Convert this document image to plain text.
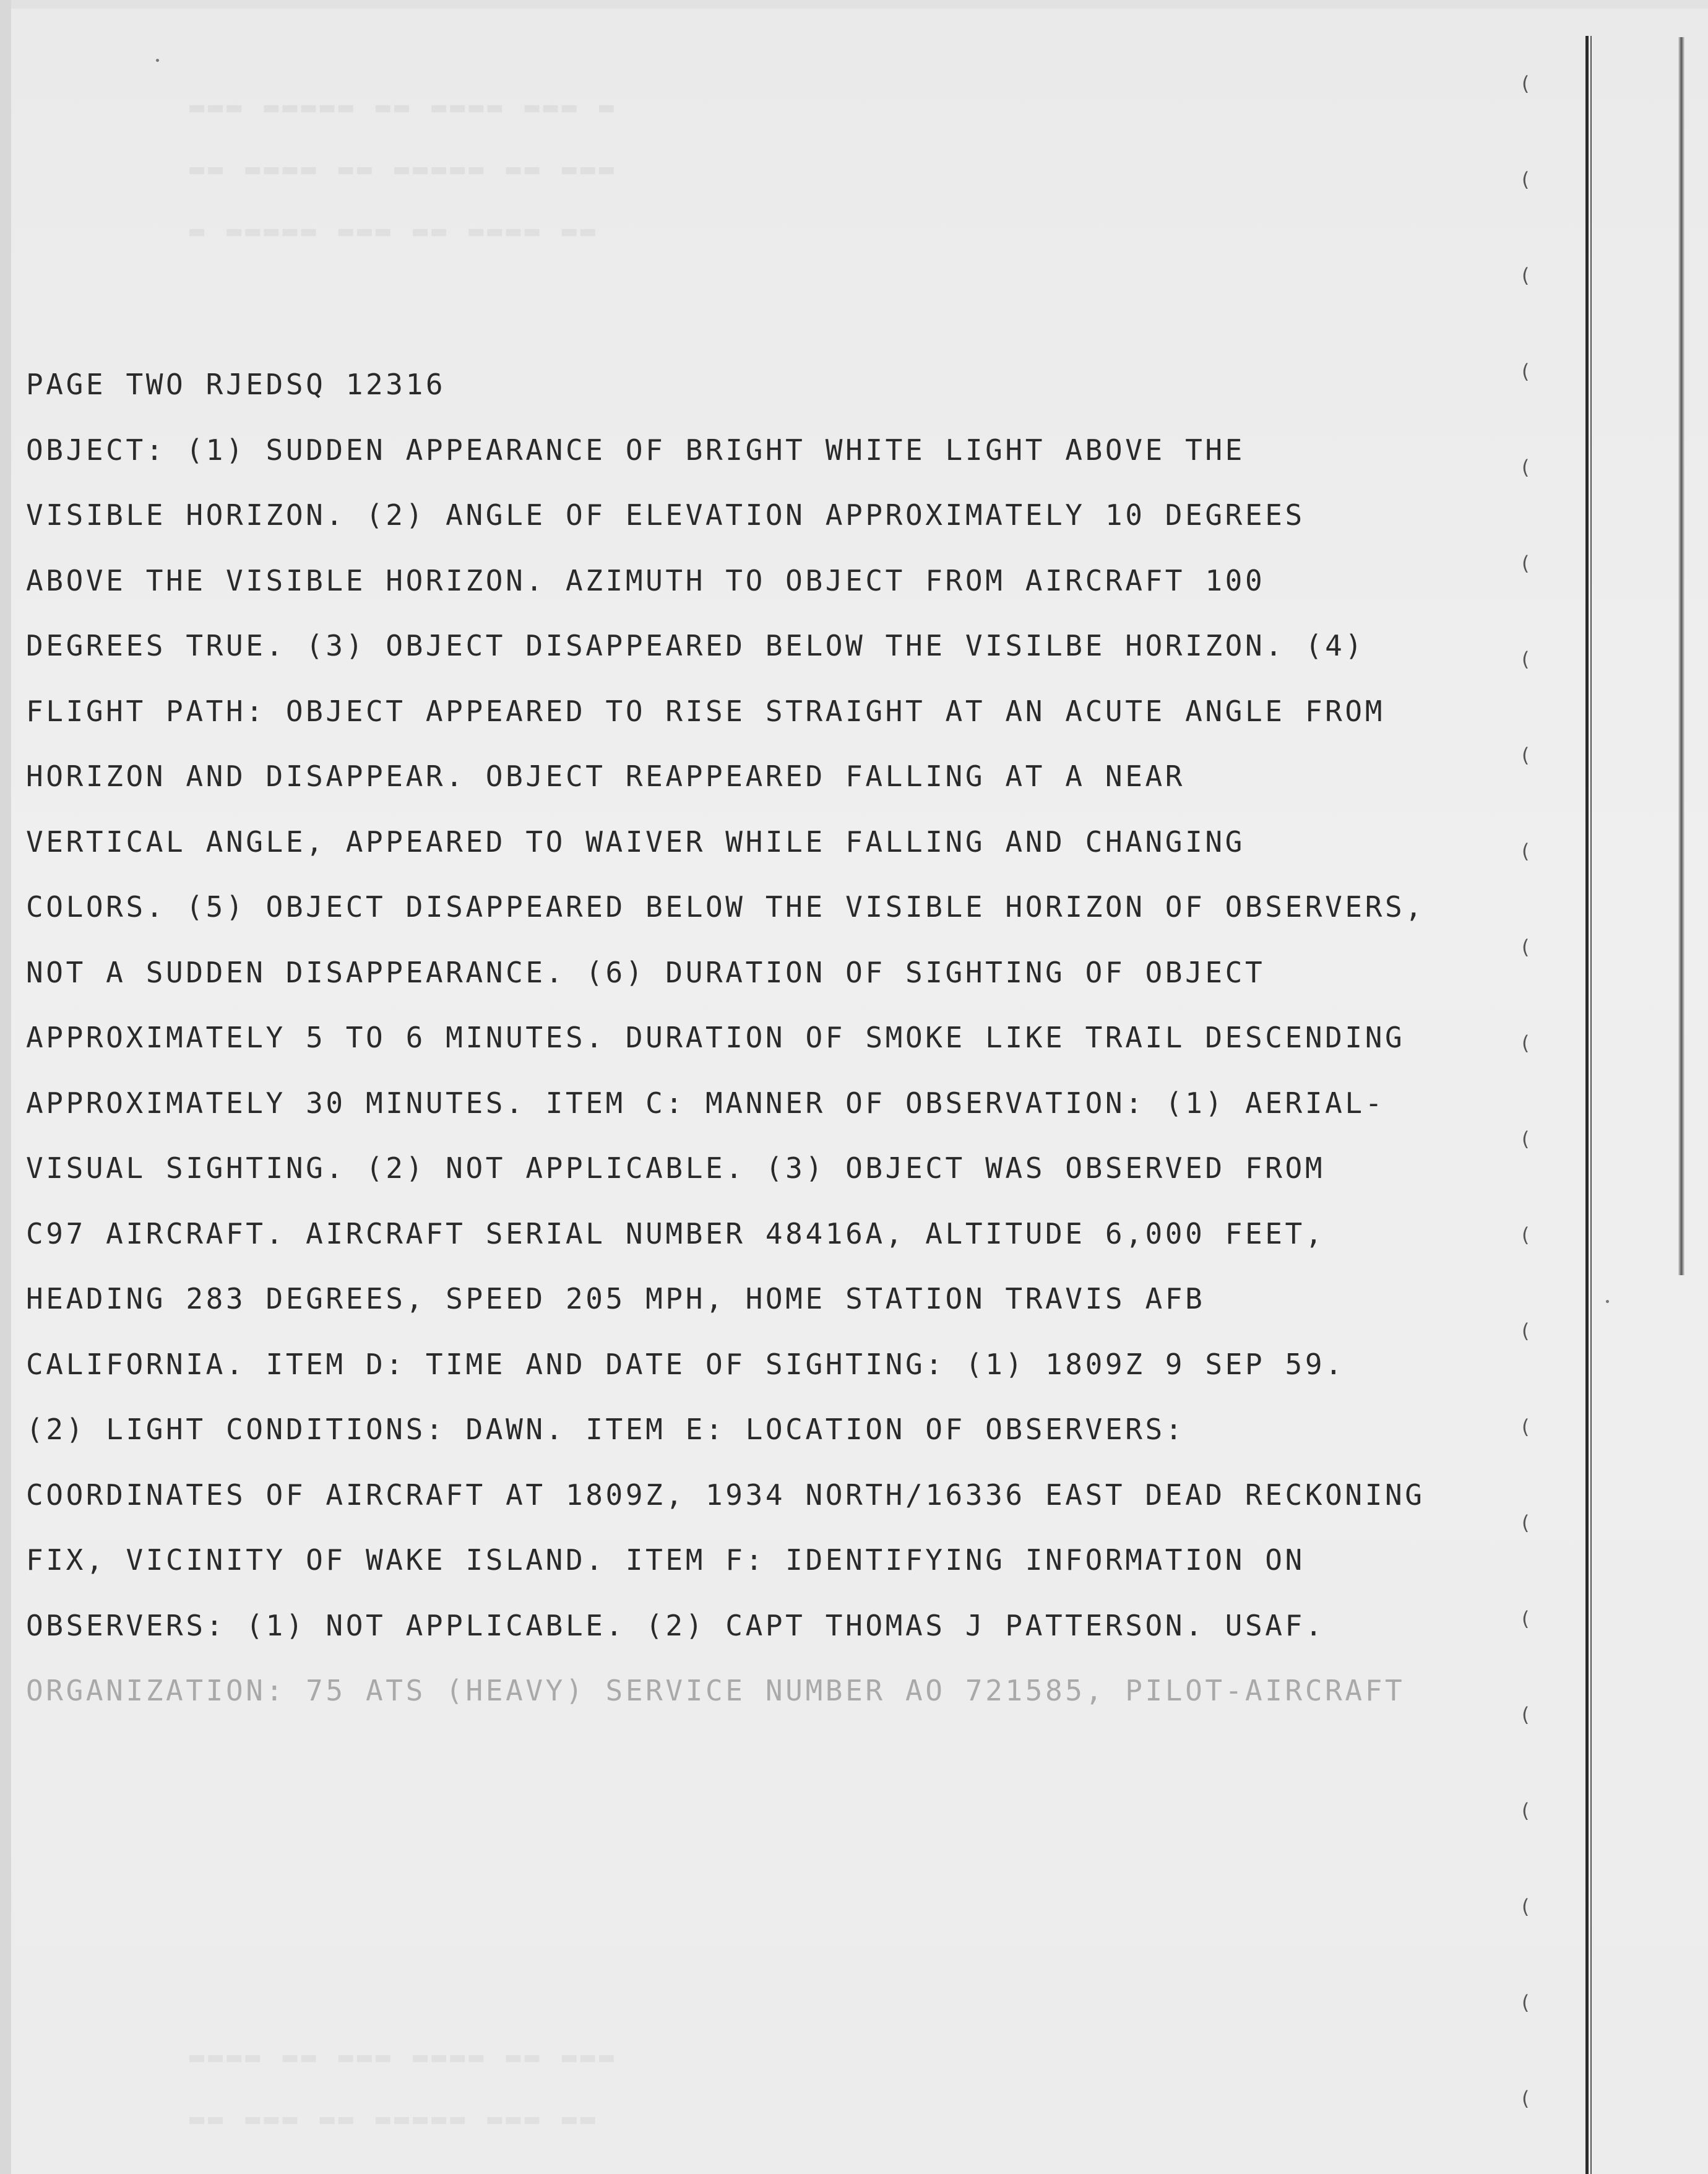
▬ ▬▬▬ ▬▬▬▬ ▬▬ ▬▬▬▬▬ ▬▬▬
▬▬▬ ▬▬ ▬▬▬▬▬ ▬▬ ▬▬▬▬ ▬▬
▬▬ ▬▬▬▬ ▬▬ ▬▬▬ ▬▬▬▬▬ ▬
▬▬▬ ▬▬ ▬▬▬▬ ▬▬▬ ▬▬ ▬▬▬▬
▬▬ ▬▬▬ ▬▬▬▬▬ ▬▬ ▬▬▬ ▬▬
(
(
(
(
(
(
(
(
(
(
(
(
(
(
(
(
(
(
(
(
(
(
PAGE TWO RJEDSQ 12316
OBJECT: (1) SUDDEN APPEARANCE OF BRIGHT WHITE LIGHT ABOVE THE
VISIBLE HORIZON. (2) ANGLE OF ELEVATION APPROXIMATELY 10 DEGREES
ABOVE THE VISIBLE HORIZON. AZIMUTH TO OBJECT FROM AIRCRAFT 100
DEGREES TRUE. (3) OBJECT DISAPPEARED BELOW THE VISILBE HORIZON. (4)
FLIGHT PATH: OBJECT APPEARED TO RISE STRAIGHT AT AN ACUTE ANGLE FROM
HORIZON AND DISAPPEAR. OBJECT REAPPEARED FALLING AT A NEAR
VERTICAL ANGLE, APPEARED TO WAIVER WHILE FALLING AND CHANGING
COLORS. (5) OBJECT DISAPPEARED BELOW THE VISIBLE HORIZON OF OBSERVERS,
NOT A SUDDEN DISAPPEARANCE. (6) DURATION OF SIGHTING OF OBJECT
APPROXIMATELY 5 TO 6 MINUTES. DURATION OF SMOKE LIKE TRAIL DESCENDING
APPROXIMATELY 30 MINUTES. ITEM C: MANNER OF OBSERVATION: (1) AERIAL-
VISUAL SIGHTING. (2) NOT APPLICABLE. (3) OBJECT WAS OBSERVED FROM
C97 AIRCRAFT. AIRCRAFT SERIAL NUMBER 48416A, ALTITUDE 6,000 FEET,
HEADING 283 DEGREES, SPEED 205 MPH, HOME STATION TRAVIS AFB
CALIFORNIA. ITEM D: TIME AND DATE OF SIGHTING: (1) 1809Z 9 SEP 59.
(2) LIGHT CONDITIONS: DAWN. ITEM E: LOCATION OF OBSERVERS:
COORDINATES OF AIRCRAFT AT 1809Z, 1934 NORTH/16336 EAST DEAD RECKONING
FIX, VICINITY OF WAKE ISLAND. ITEM F: IDENTIFYING INFORMATION ON
OBSERVERS: (1) NOT APPLICABLE. (2) CAPT THOMAS J PATTERSON. USAF.
ORGANIZATION: 75 ATS (HEAVY) SERVICE NUMBER AO 721585, PILOT-AIRCRAFT
